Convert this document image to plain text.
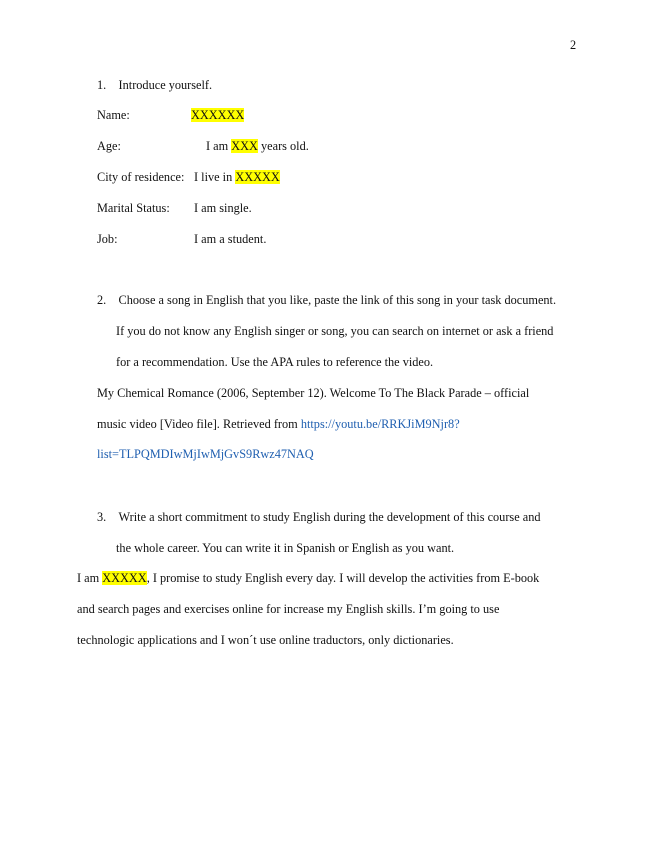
2
1. Introduce yourself.
Name:	XXXXXX
Age:	I am XXX years old.
City of residence: I live in XXXXX
Marital Status: I am single.
Job:	I am a student.
2. Choose a song in English that you like, paste the link of this song in your task document.
If you do not know any English singer or song, you can search on internet or ask a friend
for a recommendation. Use the APA rules to reference the video.
My Chemical Romance (2006, September 12). Welcome To The Black Parade – official
music video [Video file]. Retrieved from https://youtu.be/RRKJiM9Njr8?
list=TLPQMDIwMjIwMjGvS9Rwz47NAQ
3. Write a short commitment to study English during the development of this course and
the whole career. You can write it in Spanish or English as you want.
I am XXXXX, I promise to study English every day. I will develop the activities from E-book
and search pages and exercises online for increase my English skills. I’m going to use
technologic applications and I won´t use online traductors, only dictionaries.
